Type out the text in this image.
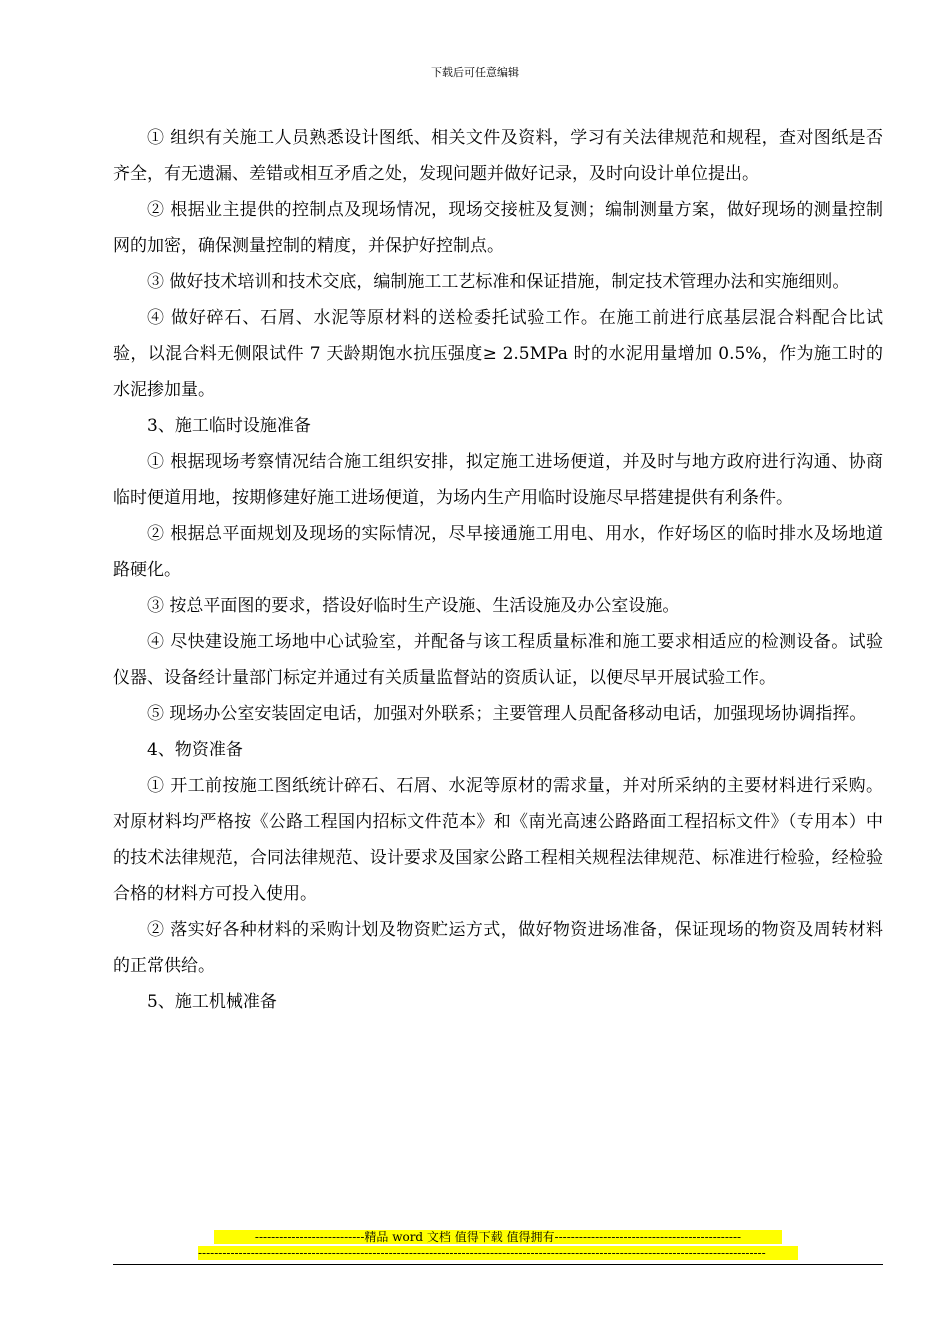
下载后可任意编辑

① 组织有关施工人员熟悉设计图纸、相关文件及资料，学习有关法律规范和规程，查对图纸是否齐全，有无遗漏、差错或相互矛盾之处，发现问题并做好记录，及时向设计单位提出。

② 根据业主提供的控制点及现场情况，现场交接桩及复测；编制测量方案，做好现场的测量控制网的加密，确保测量控制的精度，并保护好控制点。

③ 做好技术培训和技术交底，编制施工工艺标准和保证措施，制定技术管理办法和实施细则。

④ 做好碎石、石屑、水泥等原材料的送检委托试验工作。在施工前进行底基层混合料配合比试验，以混合料无侧限试件 7 天龄期饱水抗压强度≥ 2.5MPa 时的水泥用量增加 0.5%，作为施工时的水泥掺加量。

3、施工临时设施准备

① 根据现场考察情况结合施工组织安排，拟定施工进场便道，并及时与地方政府进行沟通、协商临时便道用地，按期修建好施工进场便道，为场内生产用临时设施尽早搭建提供有利条件。

② 根据总平面规划及现场的实际情况，尽早接通施工用电、用水，作好场区的临时排水及场地道路硬化。

③ 按总平面图的要求，搭设好临时生产设施、生活设施及办公室设施。

④ 尽快建设施工场地中心试验室，并配备与该工程质量标准和施工要求相适应的检测设备。试验仪器、设备经计量部门标定并通过有关质量监督站的资质认证，以便尽早开展试验工作。

⑤ 现场办公室安装固定电话，加强对外联系；主要管理人员配备移动电话，加强现场协调指挥。

4、物资准备

① 开工前按施工图纸统计碎石、石屑、水泥等原材的需求量，并对所采纳的主要材料进行采购。对原材料均严格按《公路工程国内招标文件范本》和《南光高速公路路面工程招标文件》（专用本）中的技术法律规范，合同法律规范、设计要求及国家公路工程相关规程法律规范、标准进行检验，经检验合格的材料方可投入使用。

② 落实好各种材料的采购计划及物资贮运方式，做好物资进场准备，保证现场的物资及周转材料的正常供给。

5、施工机械准备

---------------------------精品 word 文档 值得下载 值得拥有----------------------------------------------
--------------------------------------------------------------------------------------------------------------------------------------------
